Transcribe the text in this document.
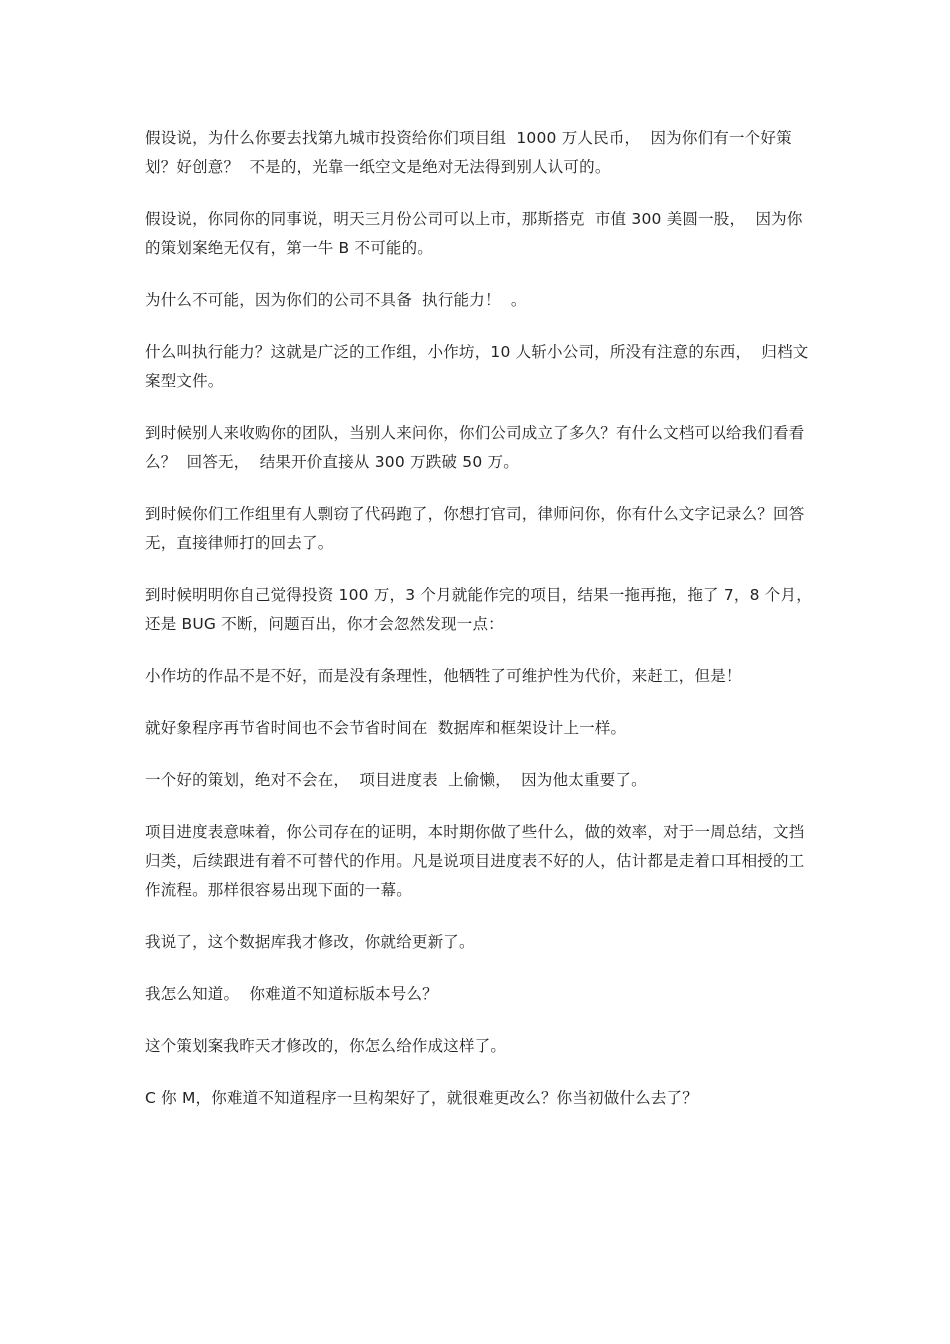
假设说，为什么你要去找第九城市投资给你们项目组  1000 万人民币，  因为你们有一个好策划？好创意？  不是的，光靠一纸空文是绝对无法得到别人认可的。

假设说，你同你的同事说，明天三月份公司可以上市，那斯搭克  市值 300 美圆一股，  因为你的策划案绝无仅有，第一牛 B 不可能的。

为什么不可能，因为你们的公司不具备  执行能力！  。

什么叫执行能力？这就是广泛的工作组，小作坊，10 人斩小公司，所没有注意的东西，  归档文案型文件。

到时候别人来收购你的团队，当别人来问你，你们公司成立了多久？有什么文档可以给我们看看么？  回答无，  结果开价直接从 300 万跌破 50 万。

到时候你们工作组里有人剽窃了代码跑了，你想打官司，律师问你，你有什么文字记录么？回答无，直接律师打的回去了。

到时候明明你自己觉得投资 100 万，3 个月就能作完的项目，结果一拖再拖，拖了 7，8 个月，还是 BUG 不断，问题百出，你才会忽然发现一点：

小作坊的作品不是不好，而是没有条理性，他牺牲了可维护性为代价，来赶工，但是！

就好象程序再节省时间也不会节省时间在  数据库和框架设计上一样。

一个好的策划，绝对不会在，  项目进度表  上偷懒，  因为他太重要了。

项目进度表意味着，你公司存在的证明，本时期你做了些什么，做的效率，对于一周总结，文挡归类，后续跟进有着不可替代的作用。凡是说项目进度表不好的人，估计都是走着口耳相授的工作流程。那样很容易出现下面的一幕。

我说了，这个数据库我才修改，你就给更新了。

我怎么知道。  你难道不知道标版本号么？

这个策划案我昨天才修改的，你怎么给作成这样了。

C 你 M，你难道不知道程序一旦构架好了，就很难更改么？你当初做什么去了？
